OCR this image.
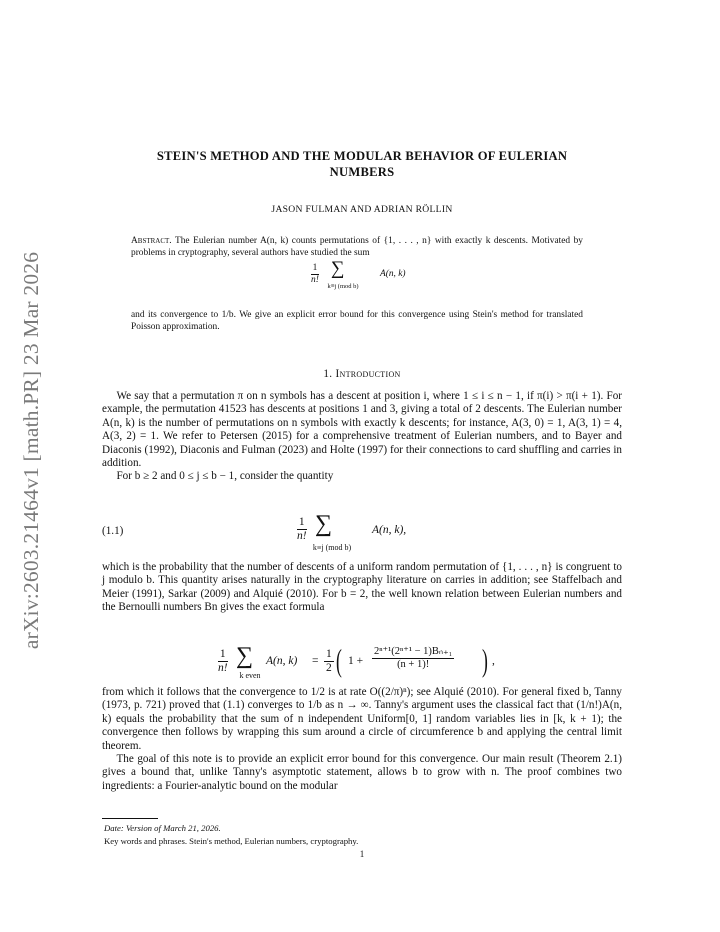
arXiv:2603.21464v1 [math.PR] 23 Mar 2026
STEIN'S METHOD AND THE MODULAR BEHAVIOR OF EULERIAN
NUMBERS
JASON FULMAN AND ADRIAN RÖLLIN
Abstract. The Eulerian number A(n, k) counts permutations of {1, . . . , n} with exactly k descents. Motivated by problems in cryptography, several authors have studied the sum
$\frac{1}{n!}$ ∑
k≡j (mod b)
A(n, k)
and its convergence to 1/b. We give an explicit error bound for this convergence using Stein's method for translated Poisson approximation.
1. Introduction

We say that a permutation π on n symbols has a descent at position i, where 1 ≤ i ≤ n − 1, if π(i) > π(i + 1). For example, the permutation 41523 has descents at positions 1 and 3, giving a total of 2 descents. The Eulerian number A(n, k) is the number of permutations on n symbols with exactly k descents; for instance, A(3, 0) = 1, A(3, 1) = 4, A(3, 2) = 1. We refer to Petersen (2015) for a comprehensive treatment of Eulerian numbers, and to Bayer and Diaconis (1992), Diaconis and Fulman (2023) and Holte (1997) for their connections to card shuffling and carries in addition.

For b ≥ 2 and 0 ≤ j ≤ b − 1, consider the quantity

(1.1)	$\frac{1}{n!}$ ∑
k≡j (mod b)
A(n, k),

which is the probability that the number of descents of a uniform random permutation of {1, . . . , n} is congruent to j modulo b. This quantity arises naturally in the cryptography literature on carries in addition; see Staffelbach and Meier (1991), Sarkar (2009) and Alquié (2010). For b = 2, the well known relation between Eulerian numbers and the Bernoulli numbers Bn gives the exact formula

$\frac{1}{n!}$ ∑
k even
A(n, $k) = \frac{1}{2}$ ( $1 + \frac{\text{2ⁿ⁺¹(2ⁿ⁺¹ − 1)Bₙ₊₁}}{(n + 1)!}$ ) ,

from which it follows that the convergence to 1/2 is at rate O((2/π)ⁿ); see Alquié (2010). For general fixed b, Tanny (1973, p. 721) proved that (1.1) converges to 1/b as n → ∞. Tanny's argument uses the classical fact that (1/n!)A(n, k) equals the probability that the sum of n independent Uniform[0, 1] random variables lies in [k, k + 1); the convergence then follows by wrapping this sum around a circle of circumference b and applying the central limit theorem.

The goal of this note is to provide an explicit error bound for this convergence. Our main result (Theorem 2.1) gives a bound that, unlike Tanny's asymptotic statement, allows b to grow with n. The proof combines two ingredients: a Fourier-analytic bound on the modular

Date: Version of March 21, 2026.

Key words and phrases. Stein's method, Eulerian numbers, cryptography.

1
